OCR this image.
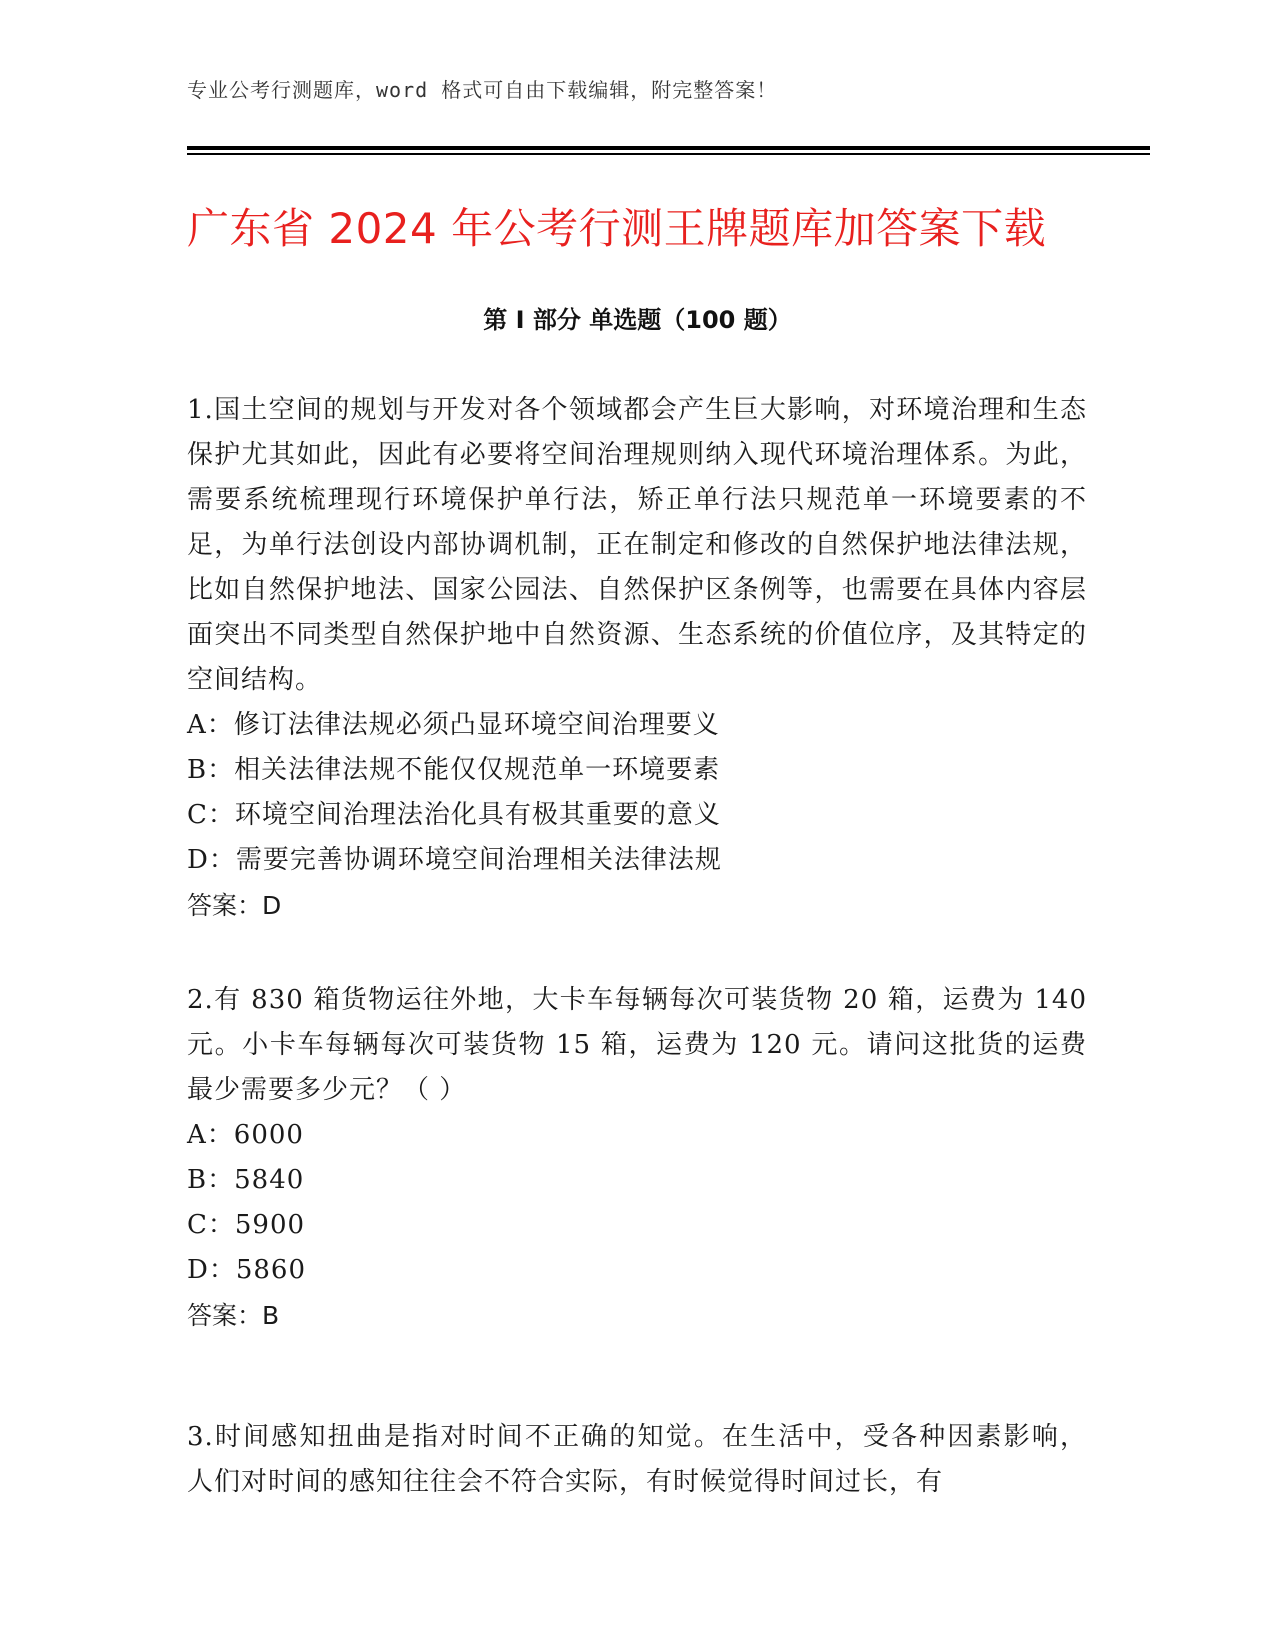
专业公考行测题库，word 格式可自由下载编辑，附完整答案！
广东省 2024 年公考行测王牌题库加答案下载
第 I 部分 单选题（100 题）

1.国土空间的规划与开发对各个领域都会产生巨大影响，对环境治理和生态保护尤其如此，因此有必要将空间治理规则纳入现代环境治理体系。为此，需要系统梳理现行环境保护单行法，矫正单行法只规范单一环境要素的不足，为单行法创设内部协调机制，正在制定和修改的自然保护地法律法规，比如自然保护地法、国家公园法、自然保护区条例等，也需要在具体内容层面突出不同类型自然保护地中自然资源、生态系统的价值位序，及其特定的空间结构。

A：修订法律法规必须凸显环境空间治理要义

B：相关法律法规不能仅仅规范单一环境要素

C：环境空间治理法治化具有极其重要的意义

D：需要完善协调环境空间治理相关法律法规

答案：D

2.有 830 箱货物运往外地，大卡车每辆每次可装货物 20 箱，运费为 140 元。小卡车每辆每次可装货物 15 箱，运费为 120 元。请问这批货的运费最少需要多少元？（ ）

A：6000

B：5840

C：5900

D：5860

答案：B

3.时间感知扭曲是指对时间不正确的知觉。在生活中，受各种因素影响， 人们对时间的感知往往会不符合实际，有时候觉得时间过长，有
